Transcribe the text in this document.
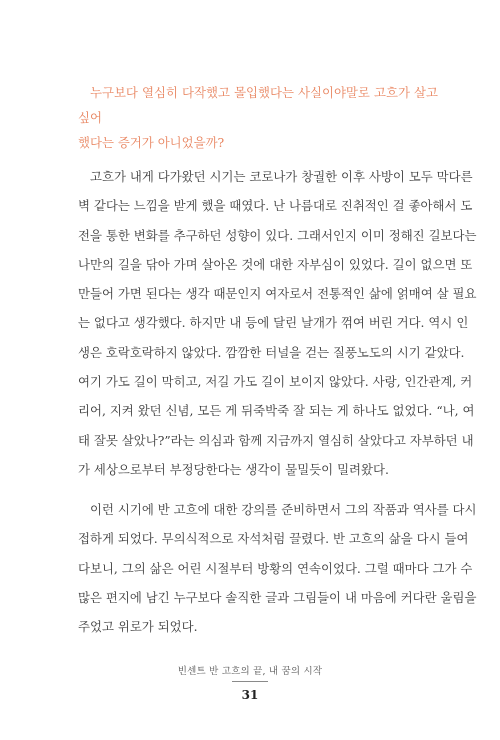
누구보다 열심히 다작했고 몰입했다는 사실이야말로 고흐가 살고 싶어
했다는 증거가 아니었을까?

고흐가 내게 다가왔던 시기는 코로나가 창궐한 이후 사방이 모두 막다른
벽 같다는 느낌을 받게 했을 때였다. 난 나름대로 진취적인 걸 좋아해서 도
전을 통한 변화를 추구하던 성향이 있다. 그래서인지 이미 정해진 길보다는
나만의 길을 닦아 가며 살아온 것에 대한 자부심이 있었다. 길이 없으면 또
만들어 가면 된다는 생각 때문인지 여자로서 전통적인 삶에 얽매여 살 필요
는 없다고 생각했다. 하지만 내 등에 달린 날개가 꺾여 버린 거다. 역시 인
생은 호락호락하지 않았다. 깜깜한 터널을 걷는 질풍노도의 시기 같았다.
여기 가도 길이 막히고, 저길 가도 길이 보이지 않았다. 사랑, 인간관계, 커
리어, 지켜 왔던 신념, 모든 게 뒤죽박죽 잘 되는 게 하나도 없었다. “나, 여
태 잘못 살았나?”라는 의심과 함께 지금까지 열심히 살았다고 자부하던 내
가 세상으로부터 부정당한다는 생각이 물밀듯이 밀려왔다.
이런 시기에 반 고흐에 대한 강의를 준비하면서 그의 작품과 역사를 다시
접하게 되었다. 무의식적으로 자석처럼 끌렸다. 반 고흐의 삶을 다시 들여
다보니, 그의 삶은 어린 시절부터 방황의 연속이었다. 그럴 때마다 그가 수
많은 편지에 남긴 누구보다 솔직한 글과 그림들이 내 마음에 커다란 울림을
주었고 위로가 되었다.
빈센트 반 고흐의 끝, 내 꿈의 시작
31
